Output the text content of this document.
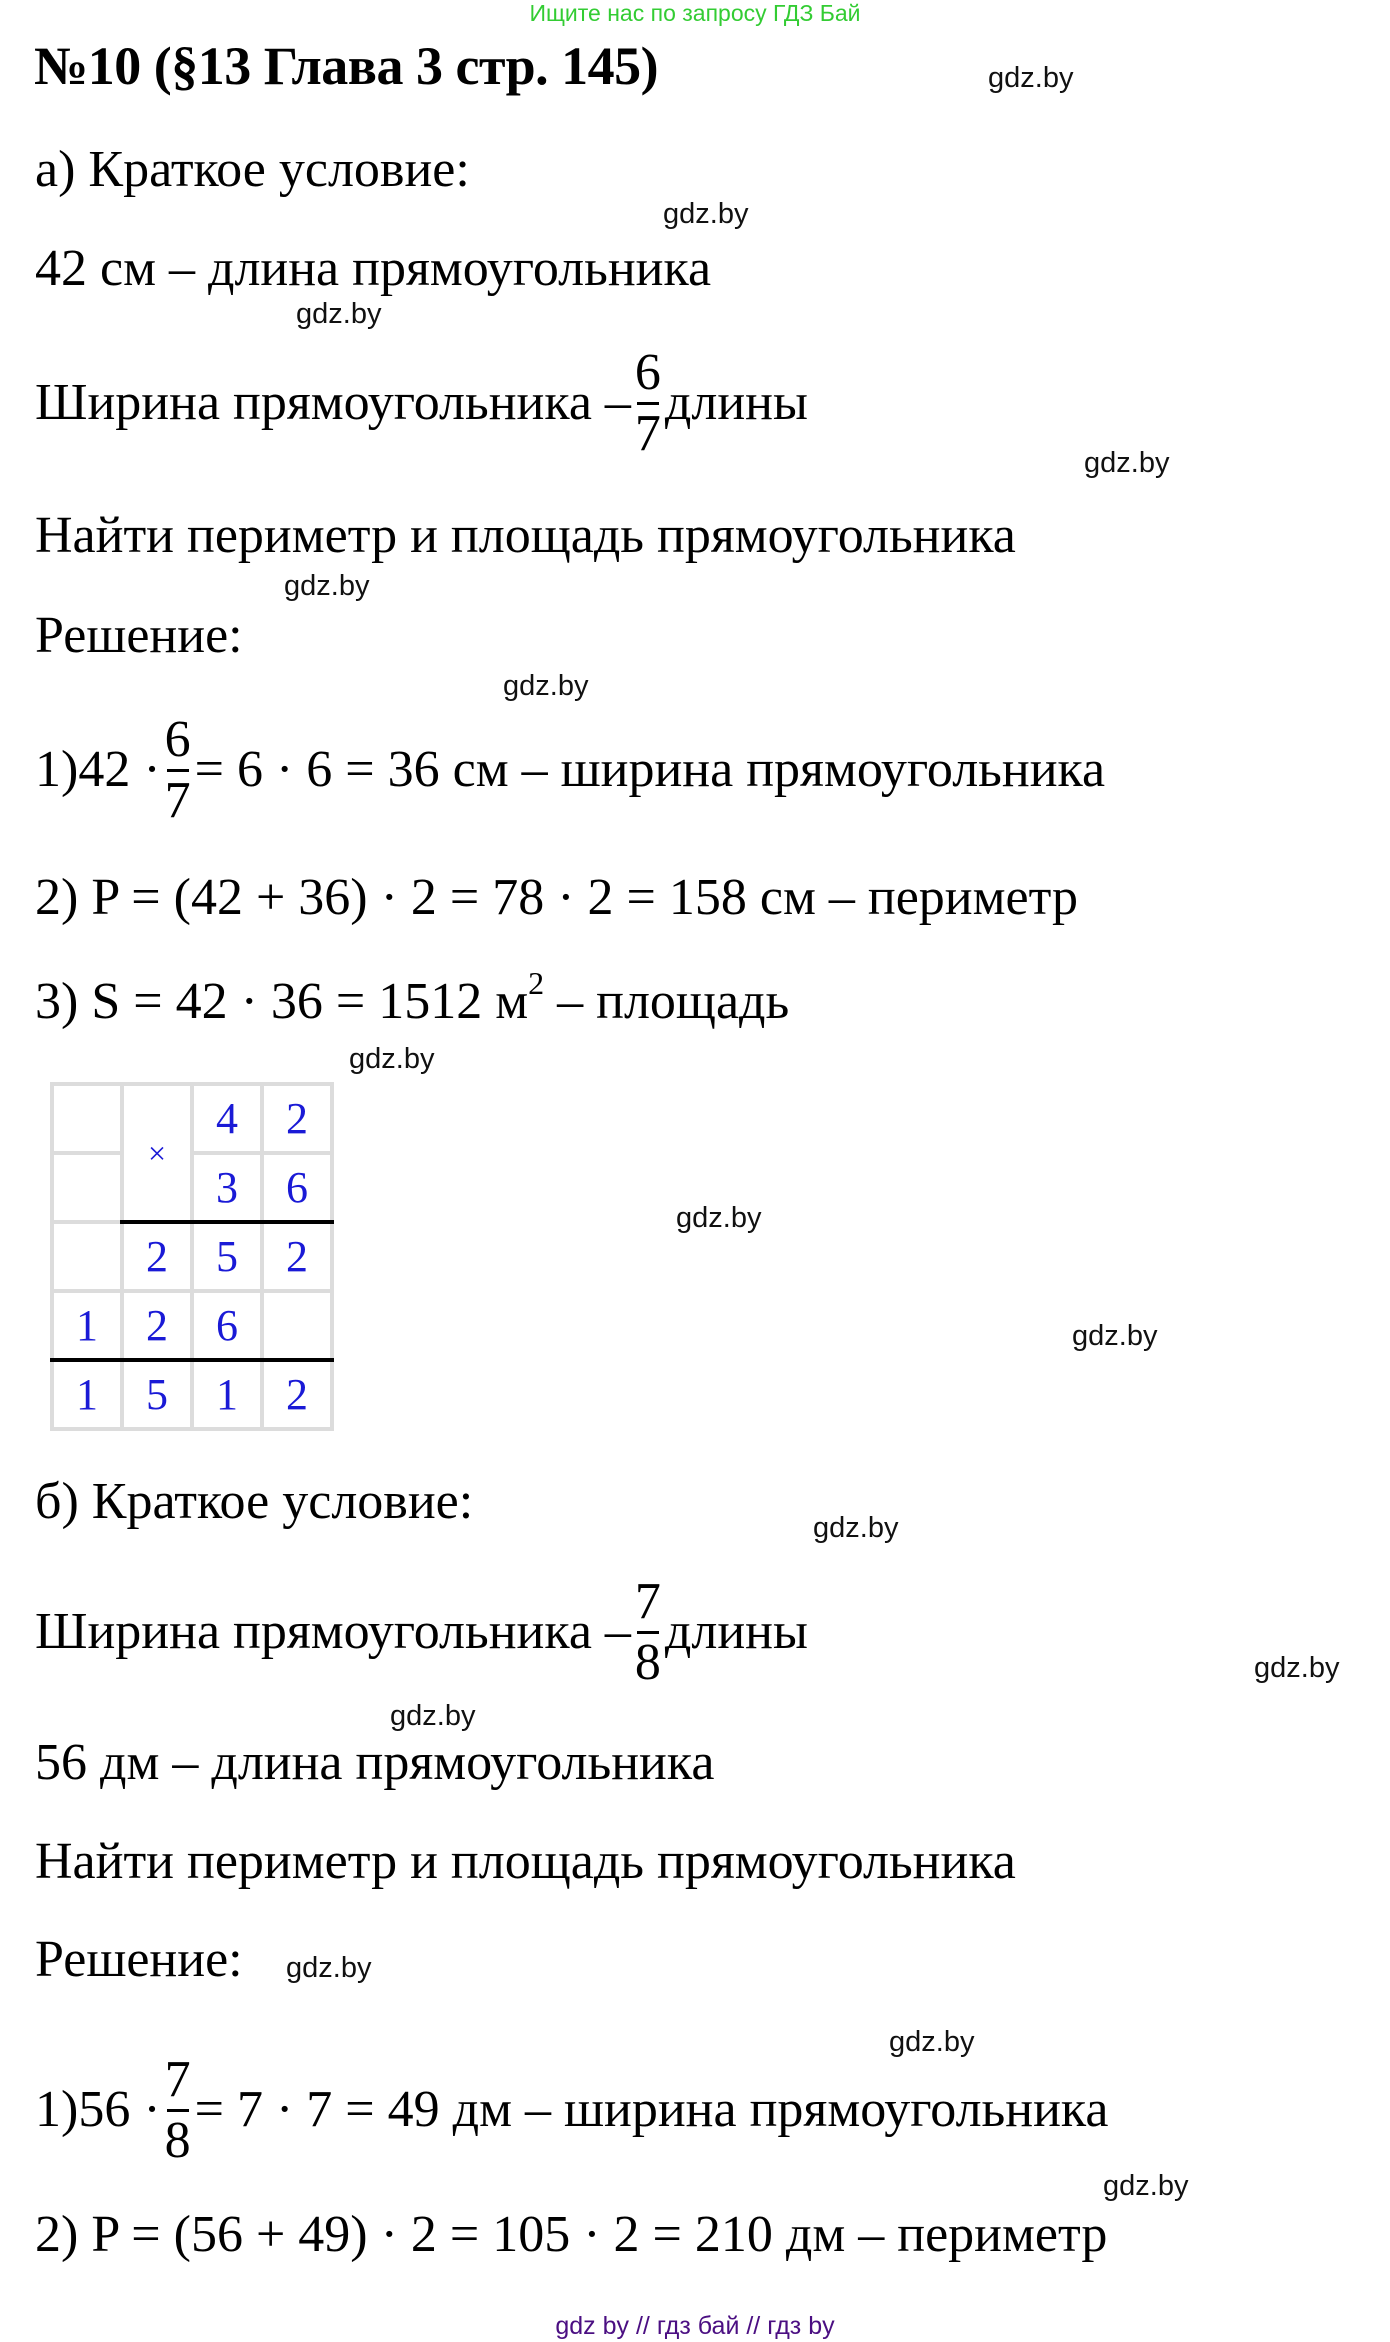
Ищите нас по запросу ГДЗ Бай
№10 (§13 Глава 3 стр. 145)	gdz.by
gdz.by
gdz.by
gdz.by
gdz.by
gdz.by
gdz.by
gdz.by
gdz.by
gdz.by
gdz.by
gdz.by
gdz.by
gdz.by
gdz.by
а) Краткое условие:
42 см – длина прямоугольника
Ширина прямоугольника – $\frac{6}{7}$ длины
Найти периметр и площадь прямоугольника
Решение:
$1)42 \cdot \frac{6}{7} = 6 \cdot 6 = 36$ см – ширина прямоугольника
2) P = (42 + 36) · 2 = 78 · 2 = 158 см – периметр
3) S = 42 · 36 = 1512 $м^2$ – площадь
	×	4	2
		3	6
	2	5	2
1	2	6	
1	5	1	2
б) Краткое условие:
Ширина прямоугольника – $\frac{7}{8}$ длины
56 дм – длина прямоугольника
Найти периметр и площадь прямоугольника
Решение:
$1)56 \cdot \frac{7}{8} = 7 \cdot 7 = 49$ дм – ширина прямоугольника
2) P = (56 + 49) · 2 = 105 · 2 = 210 дм – периметр
gdz by // гдз бай // гдз by
